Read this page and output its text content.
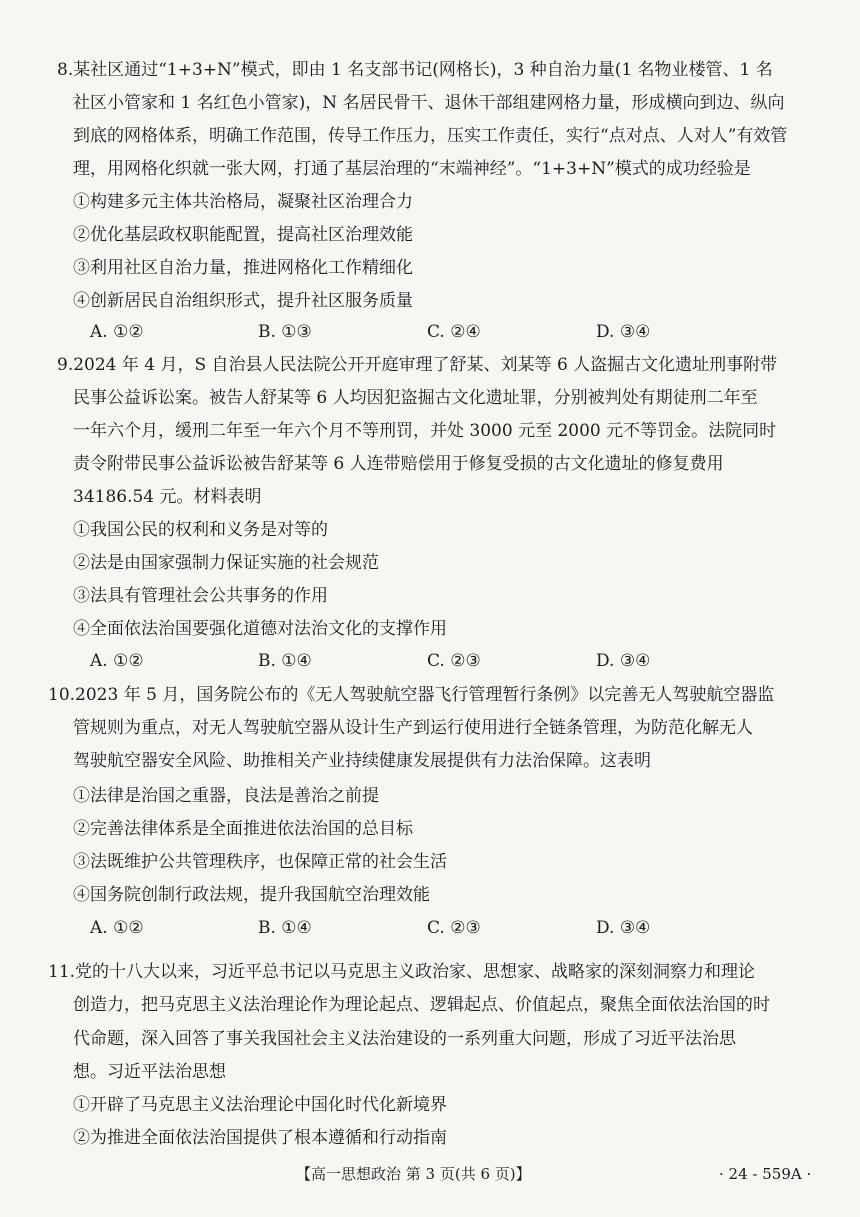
8.某社区通过“1+3+N”模式，即由 1 名支部书记(网格长)，3 种自治力量(1 名物业楼管、1 名
社区小管家和 1 名红色小管家)，N 名居民骨干、退休干部组建网格力量，形成横向到边、纵向
到底的网格体系，明确工作范围，传导工作压力，压实工作责任，实行“点对点、人对人”有效管
理，用网格化织就一张大网，打通了基层治理的“末端神经”。“1+3+N”模式的成功经验是
①构建多元主体共治格局，凝聚社区治理合力
②优化基层政权职能配置，提高社区治理效能
③利用社区自治力量，推进网格化工作精细化
④创新居民自治组织形式，提升社区服务质量
A. ①②	B. ①③	C. ②④	D. ③④
9.2024 年 4 月，S 自治县人民法院公开开庭审理了舒某、刘某等 6 人盗掘古文化遗址刑事附带
民事公益诉讼案。被告人舒某等 6 人均因犯盗掘古文化遗址罪，分别被判处有期徒刑二年至
一年六个月，缓刑二年至一年六个月不等刑罚，并处 3000 元至 2000 元不等罚金。法院同时
责令附带民事公益诉讼被告舒某等 6 人连带赔偿用于修复受损的古文化遗址的修复费用
34186.54 元。材料表明
①我国公民的权利和义务是对等的
②法是由国家强制力保证实施的社会规范
③法具有管理社会公共事务的作用
④全面依法治国要强化道德对法治文化的支撑作用
A. ①②	B. ①④	C. ②③	D. ③④
10.2023 年 5 月，国务院公布的《无人驾驶航空器飞行管理暂行条例》以完善无人驾驶航空器监
管规则为重点，对无人驾驶航空器从设计生产到运行使用进行全链条管理，为防范化解无人
驾驶航空器安全风险、助推相关产业持续健康发展提供有力法治保障。这表明
①法律是治国之重器，良法是善治之前提
②完善法律体系是全面推进依法治国的总目标
③法既维护公共管理秩序，也保障正常的社会生活
④国务院创制行政法规，提升我国航空治理效能
A. ①②	B. ①④	C. ②③	D. ③④
11.党的十八大以来，习近平总书记以马克思主义政治家、思想家、战略家的深刻洞察力和理论
创造力，把马克思主义法治理论作为理论起点、逻辑起点、价值起点，聚焦全面依法治国的时
代命题，深入回答了事关我国社会主义法治建设的一系列重大问题，形成了习近平法治思
想。习近平法治思想
①开辟了马克思主义法治理论中国化时代化新境界
②为推进全面依法治国提供了根本遵循和行动指南
【高一思想政治 第 3 页(共 6 页)】	· 24 - 559A ·
